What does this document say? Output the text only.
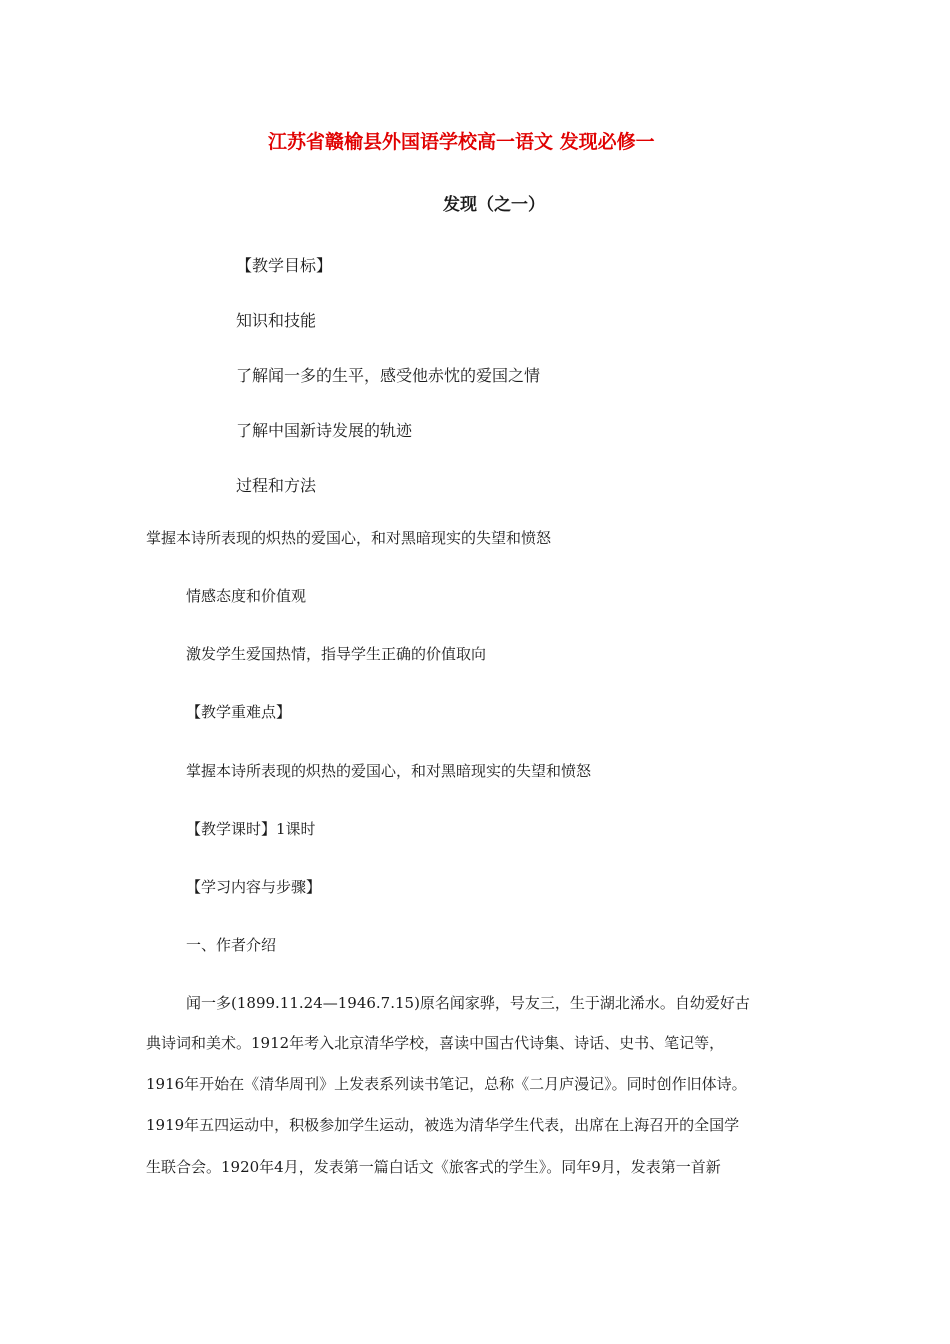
江苏省赣榆县外国语学校高一语文 发现必修一
发现（之一）
【教学目标】
知识和技能
了解闻一多的生平，感受他赤忱的爱国之情
了解中国新诗发展的轨迹
过程和方法
掌握本诗所表现的炽热的爱国心，和对黑暗现实的失望和愤怒
情感态度和价值观
激发学生爱国热情，指导学生正确的价值取向
【教学重难点】
掌握本诗所表现的炽热的爱国心，和对黑暗现实的失望和愤怒
【教学课时】1课时
【学习内容与步骤】
一、作者介绍
闻一多(1899.11.24—1946.7.15)原名闻家骅，号友三，生于湖北浠水。自幼爱好古
典诗词和美术。1912年考入北京清华学校，喜读中国古代诗集、诗话、史书、笔记等，
1916年开始在《清华周刊》上发表系列读书笔记，总称《二月庐漫记》。同时创作旧体诗。
1919年五四运动中，积极参加学生运动，被选为清华学生代表，出席在上海召开的全国学
生联合会。1920年4月，发表第一篇白话文《旅客式的学生》。同年9月，发表第一首新
